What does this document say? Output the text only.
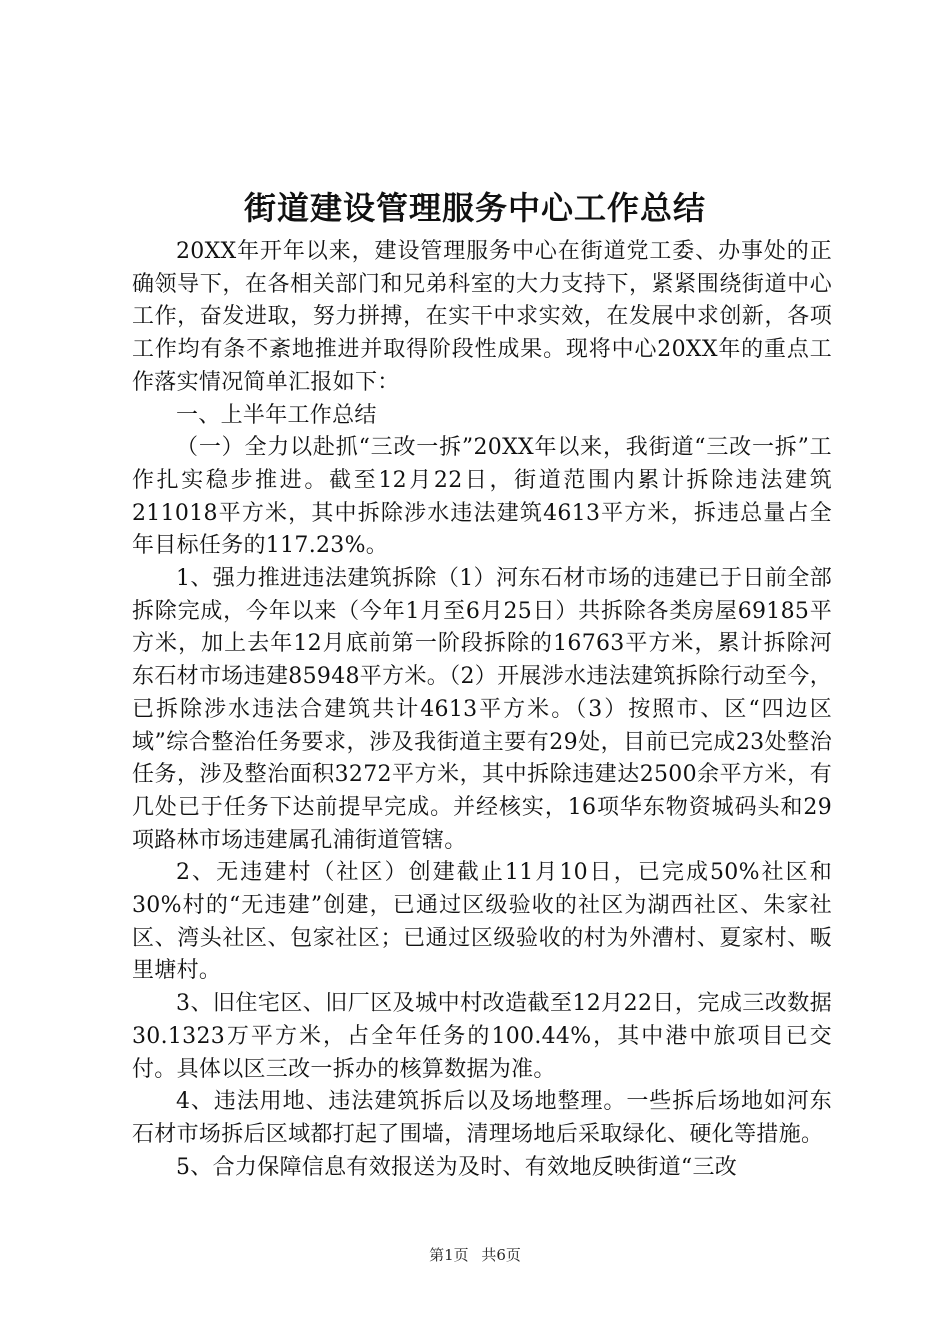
街道建设管理服务中心工作总结

20XX年开年以来，建设管理服务中心在街道党工委、办事处的正确领导下，在各相关部门和兄弟科室的大力支持下，紧紧围绕街道中心工作，奋发进取，努力拼搏，在实干中求实效，在发展中求创新，各项工作均有条不紊地推进并取得阶段性成果。现将中心20XX年的重点工作落实情况简单汇报如下：

一、上半年工作总结

（一）全力以赴抓“三改一拆”20XX年以来，我街道“三改一拆”工作扎实稳步推进。截至12月22日，街道范围内累计拆除违法建筑211018平方米，其中拆除涉水违法建筑4613平方米，拆违总量占全年目标任务的117.23%。

1、强力推进违法建筑拆除（1）河东石材市场的违建已于日前全部拆除完成，今年以来（今年1月至6月25日）共拆除各类房屋69185平方米，加上去年12月底前第一阶段拆除的16763平方米，累计拆除河东石材市场违建85948平方米。（2）开展涉水违法建筑拆除行动至今，已拆除涉水违法合建筑共计4613平方米。（3）按照市、区“四边区域”综合整治任务要求，涉及我街道主要有29处，目前已完成23处整治任务，涉及整治面积3272平方米，其中拆除违建达2500余平方米，有几处已于任务下达前提早完成。并经核实，16项华东物资城码头和29项路林市场违建属孔浦街道管辖。

2、无违建村（社区）创建截止11月10日，已完成50%社区和30%村的“无违建”创建，已通过区级验收的社区为湖西社区、朱家社区、湾头社区、包家社区；已通过区级验收的村为外漕村、夏家村、畈里塘村。

3、旧住宅区、旧厂区及城中村改造截至12月22日，完成三改数据30.1323万平方米，占全年任务的100.44%，其中港中旅项目已交付。具体以区三改一拆办的核算数据为准。

4、违法用地、违法建筑拆后以及场地整理。一些拆后场地如河东石材市场拆后区域都打起了围墙，清理场地后采取绿化、硬化等措施。

5、合力保障信息有效报送为及时、有效地反映街道“三改

第1页 共6页
